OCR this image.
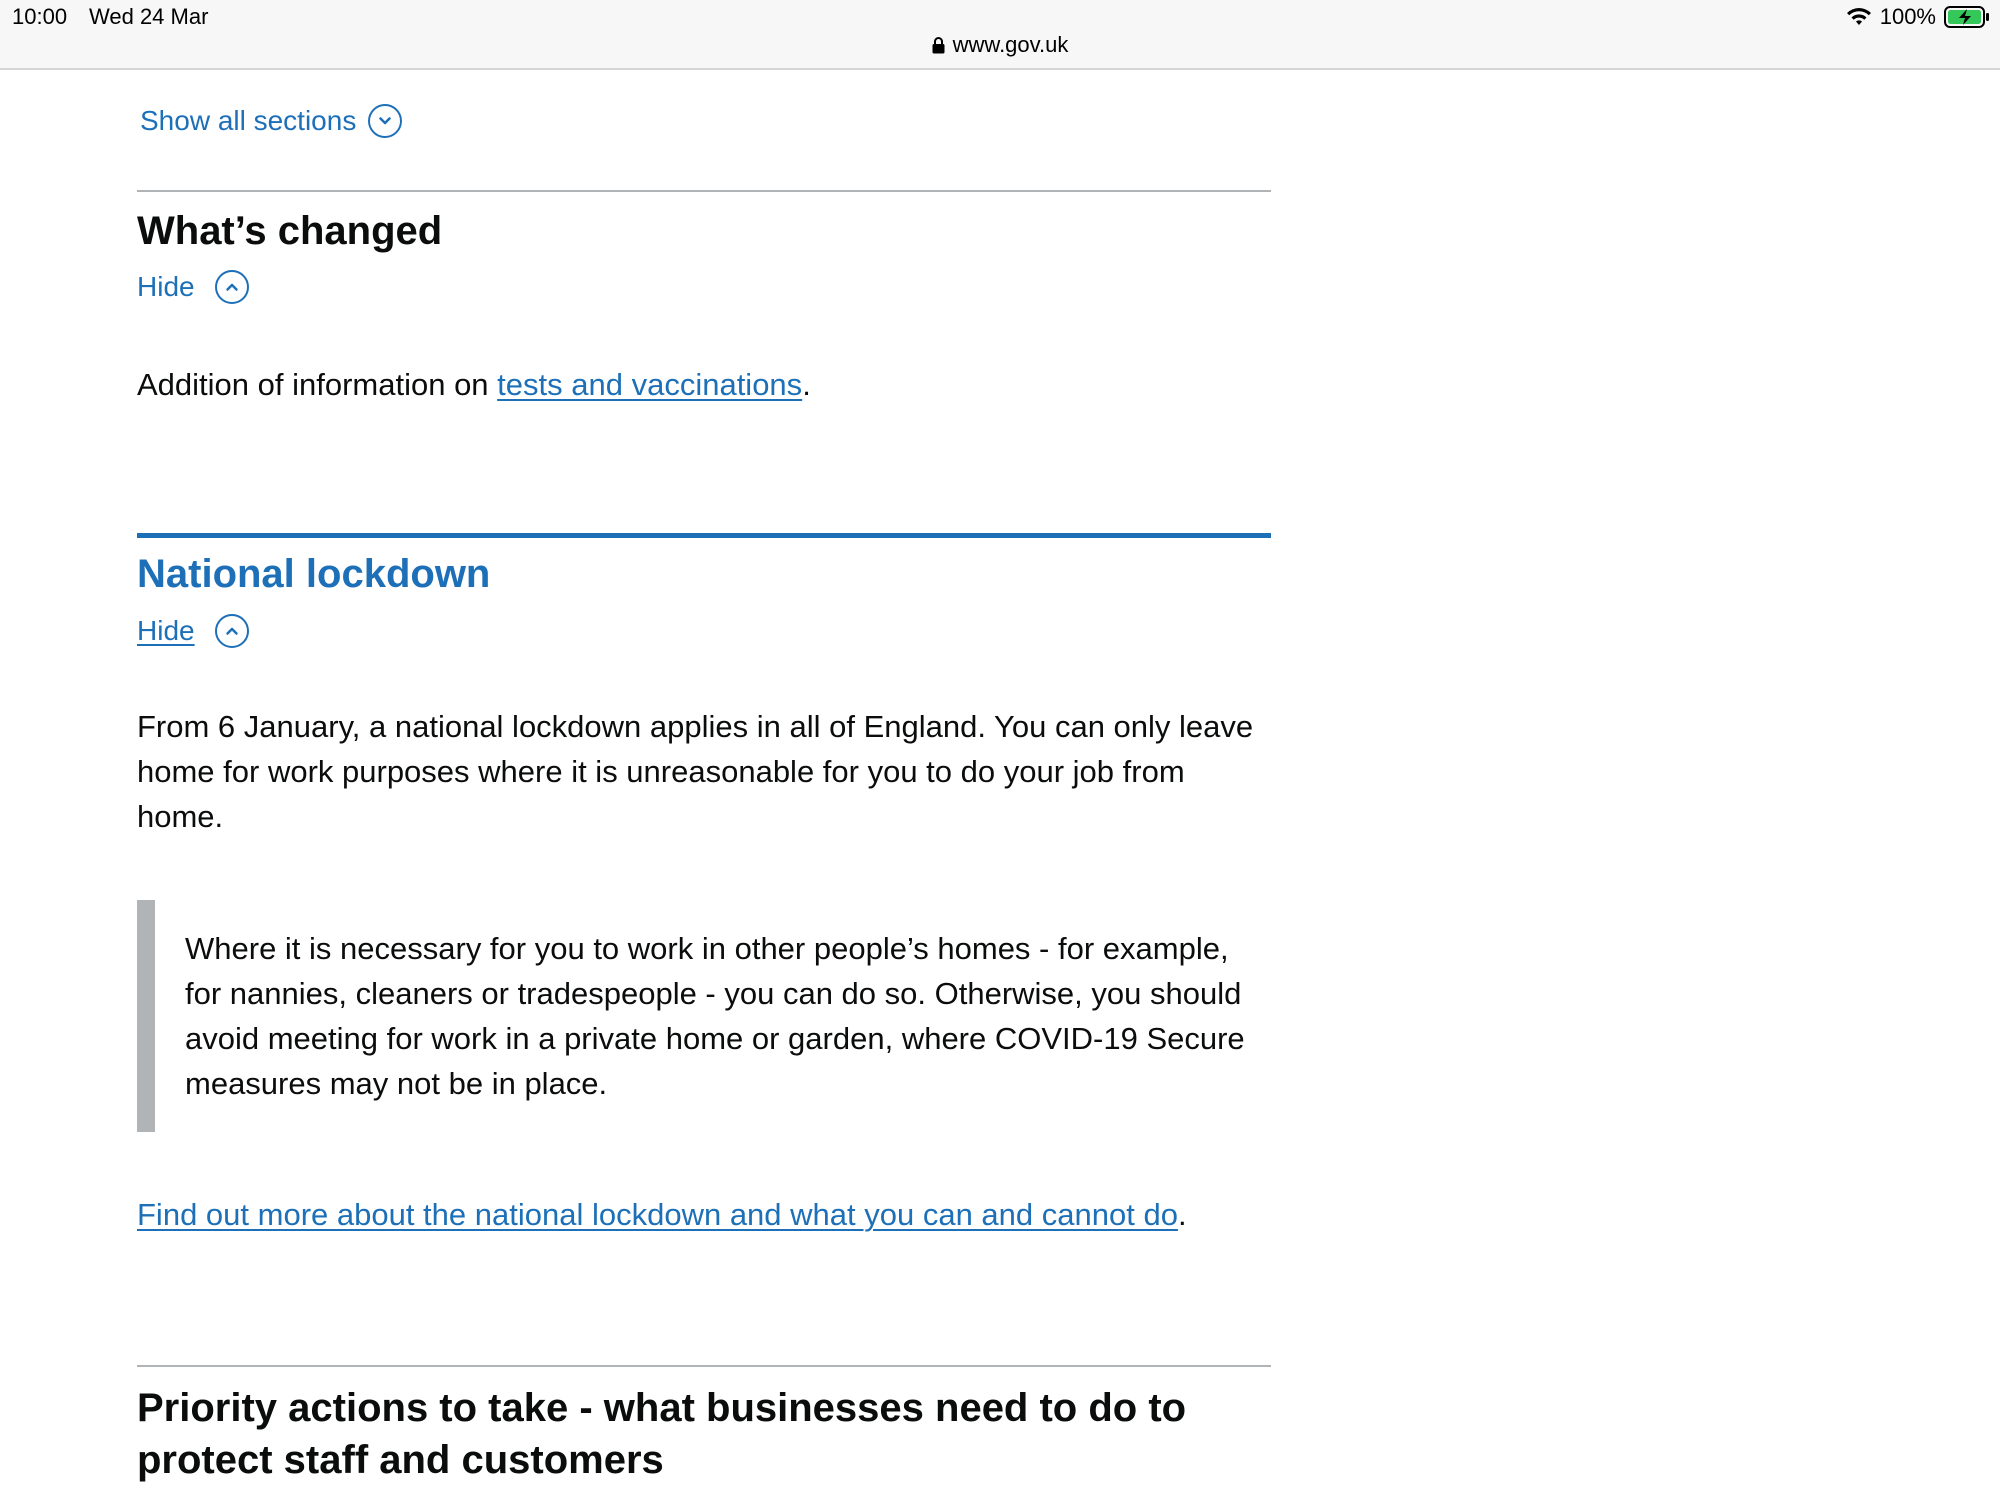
10:00 Wed 24 Mar	100%
www.gov.uk
Show all sections
What’s changed
Hide

Addition of information on tests and vaccinations.

National lockdown
Hide

From 6 January, a national lockdown applies in all of England. You can only leave home for work purposes where it is unreasonable for you to do your job from home.

Where it is necessary for you to work in other people’s homes - for example, for nannies, cleaners or tradespeople - you can do so. Otherwise, you should avoid meeting for work in a private home or garden, where COVID-19 Secure measures may not be in place.

Find out more about the national lockdown and what you can and cannot do.

Priority actions to take - what businesses need to do to protect staff and customers
